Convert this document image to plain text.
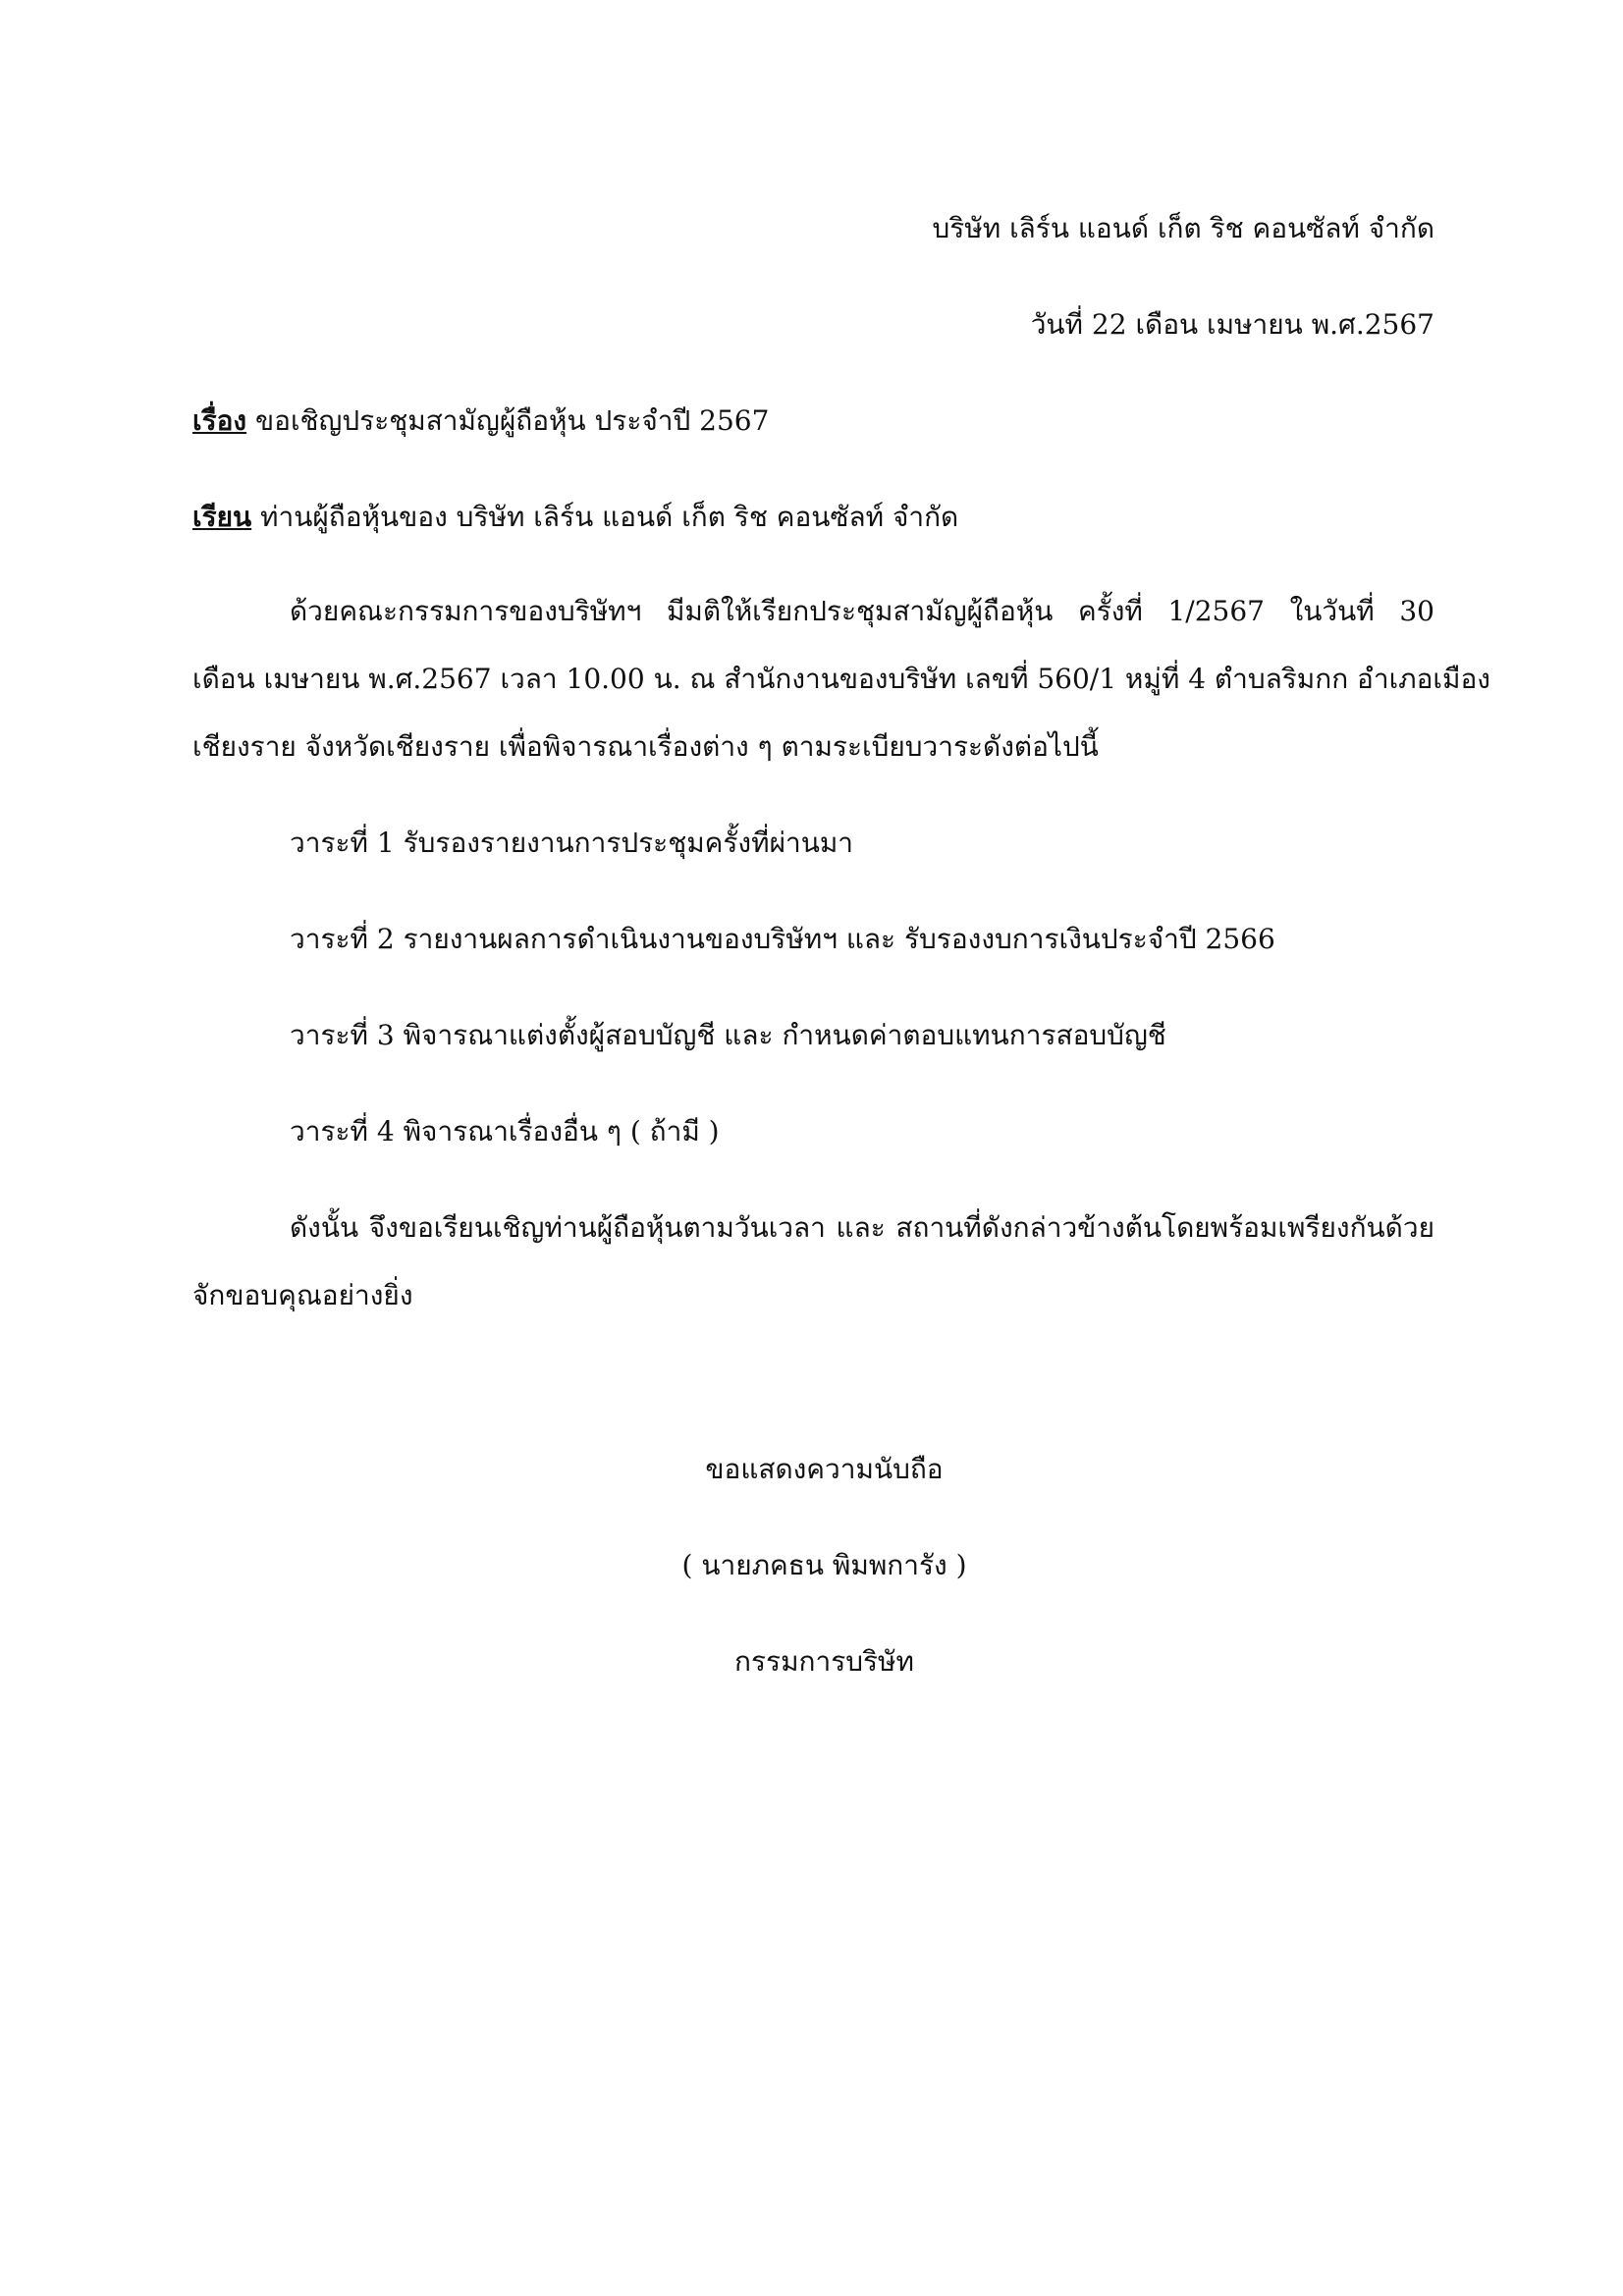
บริษัท เลิร์น แอนด์ เก็ต ริช คอนซัลท์ จำกัด
วันที่ 22 เดือน เมษายน พ.ศ.2567
เรื่อง ขอเชิญประชุมสามัญผู้ถือหุ้น ประจำปี 2567
เรียน ท่านผู้ถือหุ้นของ บริษัท เลิร์น แอนด์ เก็ต ริช คอนซัลท์ จำกัด
ด้วยคณะกรรมการของบริษัทฯ มีมติให้เรียกประชุมสามัญผู้ถือหุ้น ครั้งที่ 1/2567 ในวันที่ 30
เดือน เมษายน พ.ศ.2567 เวลา 10.00 น. ณ สำนักงานของบริษัท เลขที่ 560/1 หมู่ที่ 4 ตำบลริมกก อำเภอเมือง
เชียงราย จังหวัดเชียงราย เพื่อพิจารณาเรื่องต่าง ๆ ตามระเบียบวาระดังต่อไปนี้
วาระที่ 1 รับรองรายงานการประชุมครั้งที่ผ่านมา
วาระที่ 2 รายงานผลการดำเนินงานของบริษัทฯ และ รับรองงบการเงินประจำปี 2566
วาระที่ 3 พิจารณาแต่งตั้งผู้สอบบัญชี และ กำหนดค่าตอบแทนการสอบบัญชี
วาระที่ 4 พิจารณาเรื่องอื่น ๆ ( ถ้ามี )
ดังนั้น จึงขอเรียนเชิญท่านผู้ถือหุ้นตามวันเวลา และ สถานที่ดังกล่าวข้างต้นโดยพร้อมเพรียงกันด้วย
จักขอบคุณอย่างยิ่ง
ขอแสดงความนับถือ
( นายภคธน พิมพการัง )
กรรมการบริษัท
